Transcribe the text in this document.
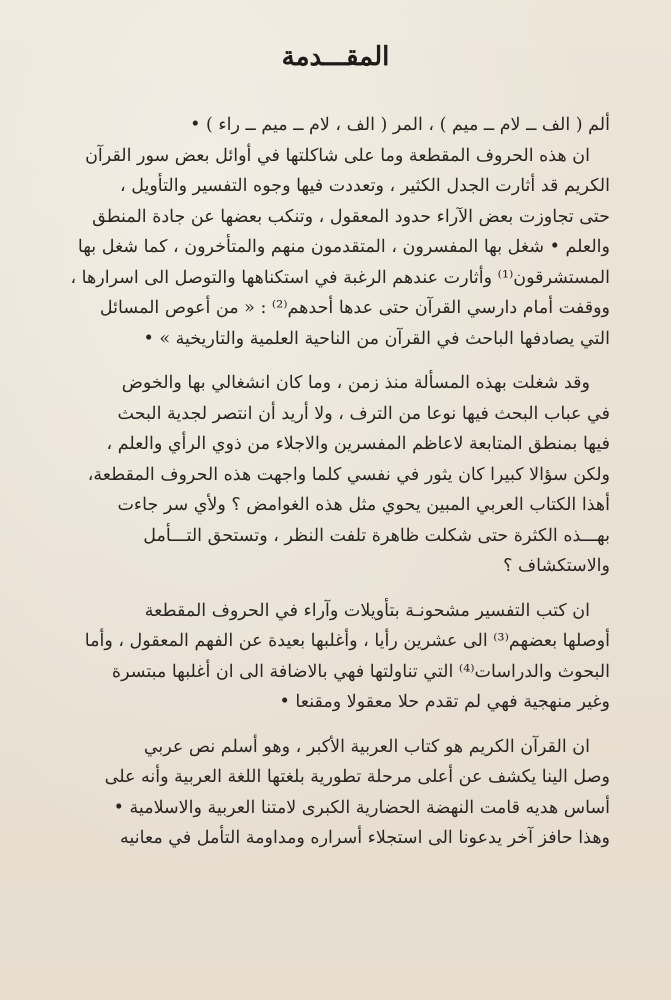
المقـــدمة
ألم ( الف ــ لام ــ ميم ) ، المر ( الف ، لام ــ ميم ــ راء ) •
ان هذه الحروف المقطعة وما على شاكلتها في أوائل بعض سور القرآن
الكريم قد أثارت الجدل الكثير ، وتعددت فيها وجوه التفسير والتأويل ،
حتى تجاوزت بعض الآراء حدود المعقول ، وتنكب بعضها عن جادة المنطق
والعلم • شغل بها المفسرون ، المتقدمون منهم والمتأخرون ، كما شغل بها
المستشرقون⁽¹⁾ وأثارت عندهم الرغبة في استكناهها والتوصل الى اسرارها ،
ووقفت أمام دارسي القرآن حتى عدها أحدهم⁽²⁾ : « من أعوص المسائل
التي يصادفها الباحث في القرآن من الناحية العلمية والتاريخية » •
وقد شغلت بهذه المسألة منذ زمن ، وما كان انشغالي بها والخوض
في عباب البحث فيها نوعا من الترف ، ولا أريد أن انتصر لجدية البحث
فيها بمنطق المتابعة لاعاظم المفسرين والاجلاء من ذوي الرأي والعلم ،
ولكن سؤالا كبيرا كان يثور في نفسي كلما واجهت هذه الحروف المقطعة،
أهذا الكتاب العربي المبين يحوي مثل هذه الغوامض ؟ ولأي سر جاءت
بهـــذه الكثرة حتى شكلت ظاهرة تلفت النظر ، وتستحق التـــأمل
والاستكشاف ؟
ان كتب التفسير مشحونـة بتأويلات وآراء في الحروف المقطعة
أوصلها بعضهم⁽³⁾ الى عشرين رأيا ، وأغلبها بعيدة عن الفهم المعقول ، وأما
البحوث والدراسات⁽⁴⁾ التي تناولتها فهي بالاضافة الى ان أغلبها مبتسرة
وغير منهجية فهي لم تقدم حلا معقولا ومقنعا •
ان القرآن الكريم هو كتاب العربية الأكبر ، وهو أسلم نص عربي
وصل الينا يكشف عن أعلى مرحلة تطورية بلغتها اللغة العربية وأنه على
أساس هديه قامت النهضة الحضارية الكبرى لامتنا العربية والاسلامية •
وهذا حافز آخر يدعونا الى استجلاء أسراره ومداومة التأمل في معانيه
